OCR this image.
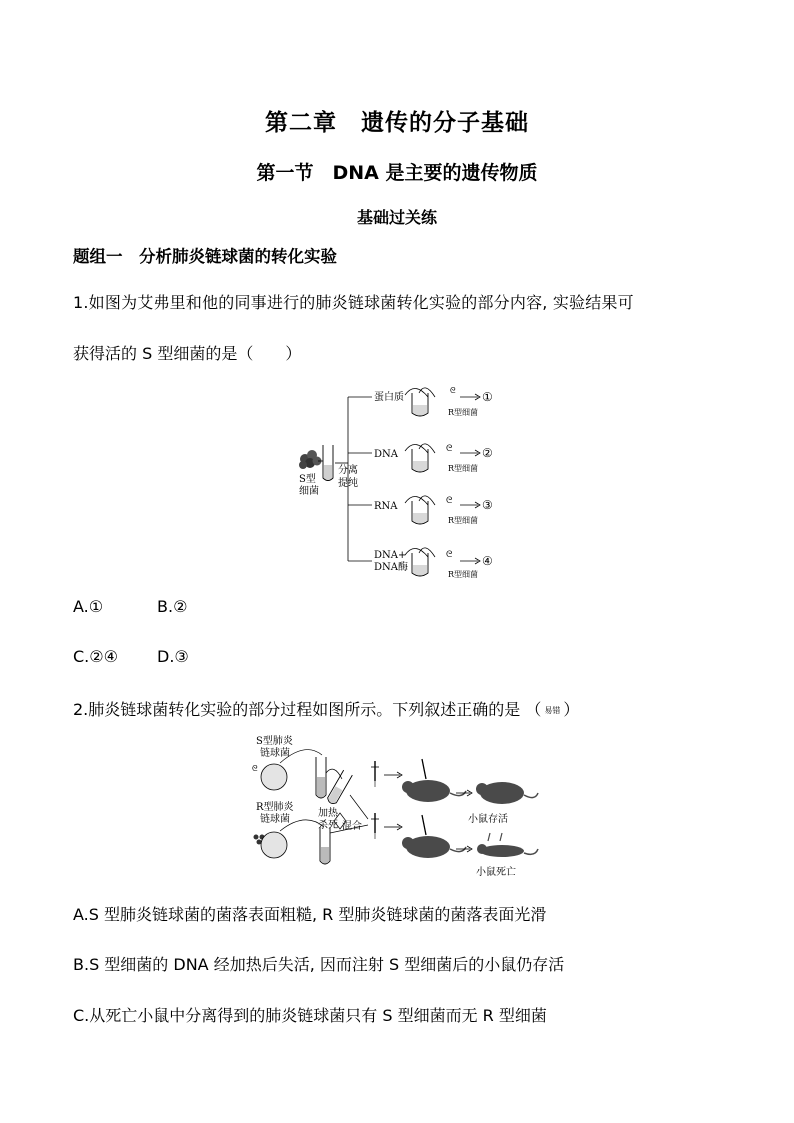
第二章　遗传的分子基础
第一节　DNA 是主要的遗传物质
基础过关练
题组一　分析肺炎链球菌的转化实验
1.如图为艾弗里和他的同事进行的肺炎链球菌转化实验的部分内容, 实验结果可
获得活的 S 型细菌的是（　　）
S型
细菌
分离
提纯
蛋白质
ᘓ
R型细菌
①
DNA	ᘓ
R型细菌
②
RNA	ᘓ
R型细菌
③
DNA+
DNA酶
ᘓ
R型细菌
④
A.①	B.②
C.②④ D.③
2.肺炎链球菌转化实验的部分过程如图所示。下列叙述正确的是 （ 易错 ）
S型肺炎
链球菌
ᘓ
加热
杀死
R型肺炎
链球菌
混合
小鼠存活
小鼠死亡
A.S 型肺炎链球菌的菌落表面粗糙, R 型肺炎链球菌的菌落表面光滑
B.S 型细菌的 DNA 经加热后失活, 因而注射 S 型细菌后的小鼠仍存活
C.从死亡小鼠中分离得到的肺炎链球菌只有 S 型细菌而无 R 型细菌
